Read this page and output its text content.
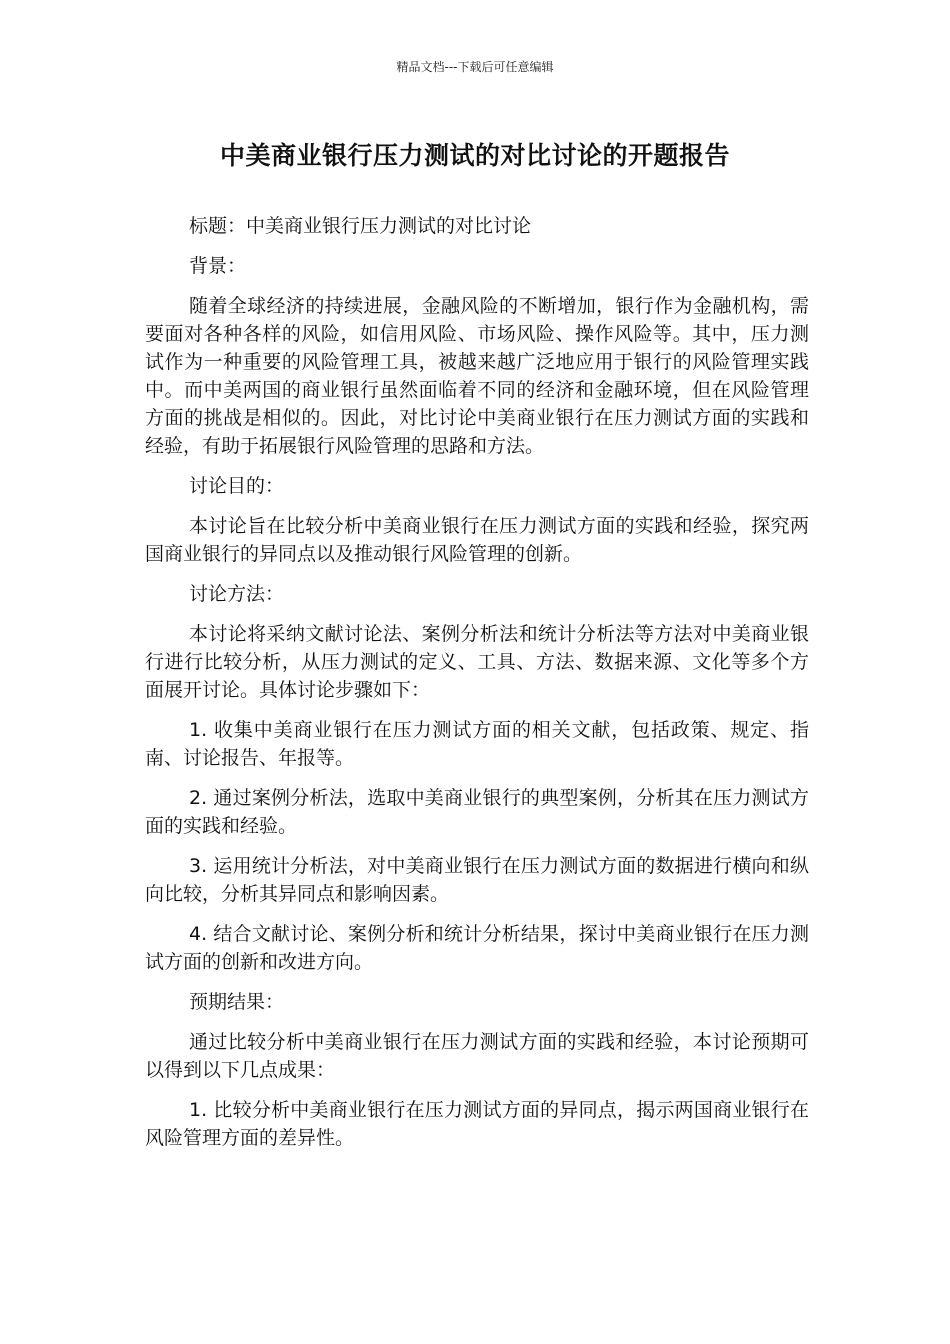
精品文档---下载后可任意编辑
中美商业银行压力测试的对比讨论的开题报告

标题：中美商业银行压力测试的对比讨论

背景：

随着全球经济的持续进展，金融风险的不断增加，银行作为金融机构，需要面对各种各样的风险，如信用风险、市场风险、操作风险等。其中，压力测试作为一种重要的风险管理工具，被越来越广泛地应用于银行的风险管理实践中。而中美两国的商业银行虽然面临着不同的经济和金融环境，但在风险管理方面的挑战是相似的。因此，对比讨论中美商业银行在压力测试方面的实践和经验，有助于拓展银行风险管理的思路和方法。

讨论目的：

本讨论旨在比较分析中美商业银行在压力测试方面的实践和经验，探究两国商业银行的异同点以及推动银行风险管理的创新。

讨论方法：

本讨论将采纳文献讨论法、案例分析法和统计分析法等方法对中美商业银行进行比较分析，从压力测试的定义、工具、方法、数据来源、文化等多个方面展开讨论。具体讨论步骤如下：

1. 收集中美商业银行在压力测试方面的相关文献，包括政策、规定、指南、讨论报告、年报等。

2. 通过案例分析法，选取中美商业银行的典型案例，分析其在压力测试方面的实践和经验。

3. 运用统计分析法，对中美商业银行在压力测试方面的数据进行横向和纵向比较，分析其异同点和影响因素。

4. 结合文献讨论、案例分析和统计分析结果，探讨中美商业银行在压力测试方面的创新和改进方向。

预期结果：

通过比较分析中美商业银行在压力测试方面的实践和经验，本讨论预期可以得到以下几点成果：

1. 比较分析中美商业银行在压力测试方面的异同点，揭示两国商业银行在风险管理方面的差异性。
